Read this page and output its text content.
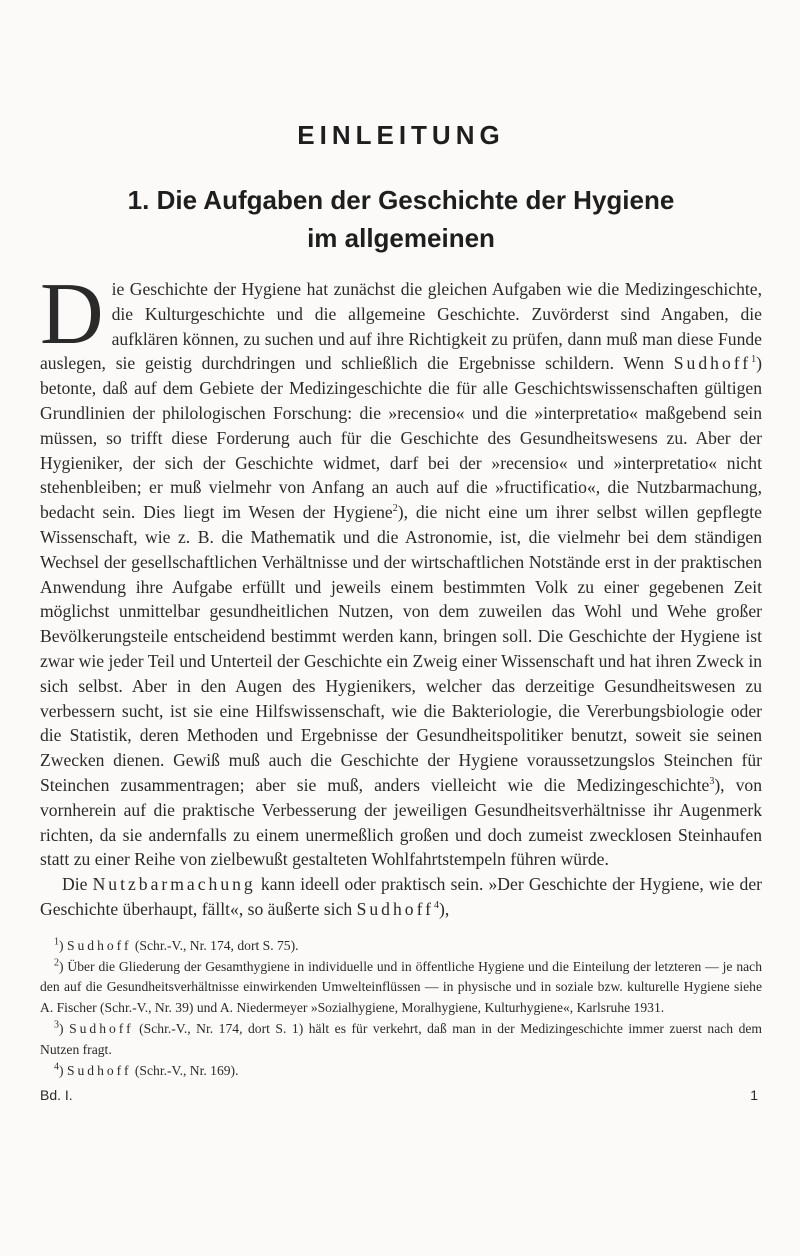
EINLEITUNG
1. Die Aufgaben der Geschichte der Hygiene
im allgemeinen

Die Geschichte der Hygiene hat zunächst die gleichen Aufgaben wie die Medizingeschichte, die Kulturgeschichte und die allgemeine Geschichte. Zuvörderst sind Angaben, die aufklären können, zu suchen und auf ihre Richtigkeit zu prüfen, dann muß man diese Funde auslegen, sie geistig durchdringen und schließlich die Ergebnisse schildern. Wenn Sudhoff$^1$) betonte, daß auf dem Gebiete der Medizingeschichte die für alle Geschichtswissenschaften gültigen Grundlinien der philologischen Forschung: die »recensio« und die »interpretatio« maßgebend sein müssen, so trifft diese Forderung auch für die Geschichte des Gesundheitswesens zu. Aber der Hygieniker, der sich der Geschichte widmet, darf bei der »recensio« und »interpretatio« nicht stehenbleiben; er muß vielmehr von Anfang an auch auf die »fructificatio«, die Nutzbarmachung, bedacht sein. Dies liegt im Wesen der Hygiene$^2$), die nicht eine um ihrer selbst willen gepflegte Wissenschaft, wie z. B. die Mathematik und die Astronomie, ist, die vielmehr bei dem ständigen Wechsel der gesellschaftlichen Verhältnisse und der wirtschaftlichen Notstände erst in der praktischen Anwendung ihre Aufgabe erfüllt und jeweils einem bestimmten Volk zu einer gegebenen Zeit möglichst unmittelbar gesundheitlichen Nutzen, von dem zuweilen das Wohl und Wehe großer Bevölkerungsteile entscheidend bestimmt werden kann, bringen soll. Die Geschichte der Hygiene ist zwar wie jeder Teil und Unterteil der Geschichte ein Zweig einer Wissenschaft und hat ihren Zweck in sich selbst. Aber in den Augen des Hygienikers, welcher das derzeitige Gesundheitswesen zu verbessern sucht, ist sie eine Hilfswissenschaft, wie die Bakteriologie, die Vererbungsbiologie oder die Statistik, deren Methoden und Ergebnisse der Gesundheitspolitiker benutzt, soweit sie seinen Zwecken dienen. Gewiß muß auch die Geschichte der Hygiene voraussetzungslos Steinchen für Steinchen zusammentragen; aber sie muß, anders vielleicht wie die Medizingeschichte$^3$), von vornherein auf die praktische Verbesserung der jeweiligen Gesundheitsverhältnisse ihr Augenmerk richten, da sie andernfalls zu einem unermeßlich großen und doch zumeist zwecklosen Steinhaufen statt zu einer Reihe von zielbewußt gestalteten Wohlfahrtstempeln führen würde.

Die Nutzbarmachung kann ideell oder praktisch sein. »Der Geschichte der Hygiene, wie der Geschichte überhaupt, fällt«, so äußerte sich Sudhoff$^4$),

$^1$) Sudhoff (Schr.-V., Nr. 174, dort S. 75).

$^2$) Über die Gliederung der Gesamthygiene in individuelle und in öffentliche Hygiene und die Einteilung der letzteren — je nach den auf die Gesundheitsverhältnisse einwirkenden Umwelteinflüssen — in physische und in soziale bzw. kulturelle Hygiene siehe A. Fischer (Schr.-V., Nr. 39) und A. Niedermeyer »Sozialhygiene, Moralhygiene, Kulturhygiene«, Karlsruhe 1931.

$^3$) Sudhoff (Schr.-V., Nr. 174, dort S. 1) hält es für verkehrt, daß man in der Medizingeschichte immer zuerst nach dem Nutzen fragt.

$^4$) Sudhoff (Schr.-V., Nr. 169).

Bd. I.	1
